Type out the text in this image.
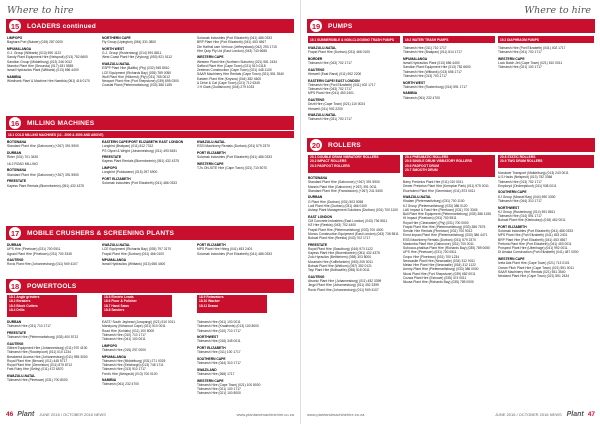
Where to hire
15	LOADERS continued
LIMPOPO
Baghara Port (Bulwer) (015) 287 0000
MPUMALANGA
G.J. Group (Witbank) (013) 690 1122
Sandy Plant Equipment Hire (Nelspruit) (013) 752 6600
Sandton Group (Middelburg) (013) 246 0012
Ntambo Plant Hire (Secunda) (017) 631 5555
Ismail Hydraulics Plant (Witbank) (013) 656 4400
NAMIBIA
Windhoek Plant & Machine Hire Namibia (061) 416 0170
NORTHERN CAPE
Fly Group (Upington) (054) 331 0800
NORTH WEST
G.J. Group (Rustenburg) (014) 591 8811
West Coast Plant Hire (Vryburg) (053) 921 0112
KWAZULU-NATAL
ESPP Plant Hire (Ballito) (Pty) (032) 945 8510
LCE Equipment (Richards Bay) (035) 789 0050
Wolf Plant Hire (Hillcrest) (Pty) (031) 765 0012
Newport Plant Hire (Port Shepstone) (039) 695 0300
Coastal Plant (Pietermaritzburg) (033) 386 1155
Solomak Industries (Port Elizabeth) (041) 486 0333
BRP Plant Hire (Port Elizabeth) (041) 453 4567
Die Halfroll cam Verhuur (Jeffreysbaai) (042) 293 1715
Hire Quip Pty Ltd (East London) (043) 743 6655
WESTERN CAPE
Western Plant Hire (Northern Suburbs) (021) 551 2434
Safford Plant Hire (Cape Town) (021) 510 0118
Zeelmax Construction (Cape Town) (021) 448 1100
SAAR Machinery Hire Rentals (Cape Town) (021) 551 3540
Eastern Plant Hire (Knysna) (044) 382 4600
& Drive & Cat (Cape Town) (021) 712 6345
J H Clark (Oudtshoorn) (044) 279 1033
16	MILLING MACHINES
16.1 COLD MILLING MACHINES (12 - 2000 & 2000 AND ABOVE)
BOTSWANA
Standard Plant Hire (Gaborone) (+267) 391 5900
DURBAN
Rider (031) 701 3430
16.2 ROAD MILLING
BOTSWANA
Standard Plant Hire (Gaborone) (+267) 391 5900
FREESTATE
Kayess Plant Rentals (Bloemfontein) (051) 432 4375
EASTERN CAPE/PORT ELIZABETH/ EAST LONDON
Longbird (Brakpan) (011) 812 7312
PS Glycel & Wright (Johannesburg) (011) 493 5451
FREESTATE
Kayess Plant Rentals (Bloemfontein) (051) 432 4375
LIMPOPO
Longbird (Polokwane) (015) 297 6900
PORT ELIZABETH
Solomak Industries (Port Elizabeth) (041) 486 0333
KWAZULU-NATAL
ESSI Machinery Rentals (Durban) (031) 579 2370
PORT ELIZABETH
Solomak Industries (Port Elizabeth) (041) 486 0333
WESTERN CAPE
TJ's ON-SITE Hire (Cape Town) (021) 710 5070
17	MOBILE CRUSHERS & SCREENING PLANTS
DURBAN
UPS Hire (Pinetown) (031) 700 0511
Agraid Plant Hire (Pinetown) (031) 700 3345
GAUTENG
Rovic Plant Hire (Johannesburg) (011) 949 4107
KWAZULU-NATAL
LCE Equipment (Richards Bay) (035) 797 3170
Frapid Plant Hire (Durban) (031) 466 0100
MPUMALANGA
Ismail Hydraulics (Witbank) (013) 656 4400
PORT ELIZABETH
MPS Plant Hire Hiring (041) 453 2401
Solomak Industries (Port Elizabeth) (041) 486 0333
18	POWERTOOLS
18.1 Angle grinders
18.2 Breakers
18.3 Block Cutters
18.4 Drills
18.5 Electric Leads
18.6 Floor & Polisher
18.7 Hand Saws
18.8 Sanders
18.9 Rotavators
18.10 Wacker
18.11 Drawn
DURBAN
Tidmarsh Hire (031) 710 1717
FREESTATE
Tidmarsh Hire (Pietermaritzburg) (033) 400 5712
GAUTENG
Gilbert Equipment Hire (Johannesburg) (011) 970 4100
Tidmarsh Hire (Roodepoort) (011) 010 1234
Breakered Access Hire (Johannesburg) (011) 955 3000
Royal Plant Hire (Benoni) (011) 445 5717
Royal Plant Hire (Germiston) (011) 875 8712
Fast Ruby Hire (Selby) (011) 472 6570
KWAZULU-NATAL
Tidmarsh Hire (Pinetown) (031) 700 8000
EAST/ South Jayhead (Jorapangi) (021) 510 0011
Mandyuny (Kirkwood Cape) (021) 510 0011
Road Hire (Kohlatu) (011) 100 8000
Tidmarsh Hire (010) 710 1717
Tidmarsh Hire (041) 100 0011
LIMPOPO
Tidmarsh Hire (015) 297 0000
MPUMALANGA
Tidmarsh Hire (Middelburg) (031) 271 0025
Tidmarsh Hire (Eelsburgh) (013) 748 1711
Tidmarsh Hire (013) 910 1717
Fred's Hire (Nelspruit) (013) 700 0100
NAMIBIA
Tidmarsh (061) 232 4700
Tidmarsh Hire (041) 100 0011
Tidmarsh Hire (Kraaifonts) (013) 100 8000
Tidmarsh Hire (010) 710 1717
NORTHWEST
Tidmarsh Hire (016) 345 0011
PORT ELIZABETH
Tidmarsh Hire (011) 100 1717
SOUTHERN CAPE
Tidmarsh Hire (044) 310 1717
SWAZILAND
Tidmarsh Hire (268) 1717
WESTERN CAPE
Tidmarsh Hire (Cape Town) (021) 100 8000
Tidmarsh Hire (021) 100 1717
Tidmarsh Hire (021) 100 8000
46 Plant JUNE 2016 / OCTOBER 2016 NEWS	www.plantandmachinehire.co.za
Where to hire
19	PUMPS
19.1 SUBMERSIBLE & NON-CLOGGING TRASH PUMPS	19.2 WATER/ TRASH PUMPS	19.3 DIAPHRAGM PUMPS
KWAZULU-NATAL
Frapid Plant Hire (Durban) (031) 466 0100
BORDER
Tidmarsh Hire (043) 702 1717
GAUTENG
Hirewell (East Rand) (011) 902 2200
EASTERN CAPE/ EAST LONDON
Tidmarsh Hire (Port Elizabeth) (041) 402 1717
Tidmarsh Hire (043) 702 1717
MPS Plant Hire (041) 453 2401
GAUTENG
Drizit Hire (Cape Town) (021) 110 0024
Hirewell (011) 902 2200
KWAZULU-NATAL
Tidmarsh Hire (031) 700 1717
Tidmarsh Hire (011) 710 1717
Tidmarsh Hire (Brakpan) (011) 814 1717
MPUMALANGA
Ismail Hydraulics Plant (013) 656 4400
Sandton Plant Equipment Hire (013) 752 6600
Tidmarsh Hire (Witbank) (013) 656 1717
Tidmarsh Hire (013) 700 1717
NORTH WEST
Tidmarsh Hire (Rustenburg) (014) 591 1717
NAMIBIA
Tidmarsh (061) 232 4700
Tidmarsh Hire (Port Elizabeth) (041) 402 1717
Tidmarsh Hire (041) 700 1717
WESTERN CAPE
Lock Batch Jet (Cape Town) (021) 510 0011
Tidmarsh Hire (021) 100 1717
20	ROLLERS
20.1 DOUBLE DRUM VIBRATORY ROLLERS
20.2 IMPACT ROLLERS
20.3 PADFOOT ROLLERS
20.4 PNEUMATIC ROLLERS
20.5 SINGLE DRUM VIBRATORY ROLLERS
20.6 PADFOOT DRUM
20.7 SMOOTH DRUM
20.8 STATIC ROLLERS
20.9 TWO DRUM ROLLERS
BOTSWANA
Standard Plant Hire (Gaborone) (+267) 391 5900
Mannis Plant Hire (Gaborone) (+267) 391 0011
Standard Plant Hire (Francistown) (+267) 241 5400
DURBAN
G Plant Hire (Durban) (031) 503 0058
Lodi Plant Hire (Durban) (031) 466 0100
Ashayi Plant Management Solutions (Durban) (031) 700 1100
EAST LONDON
CM Concrete Industries (East London) (043) 736 5511
HZ Hire (Reekia) (043) 702 4400
Frapid Plant Hire (Pietermaritzburg) (033) 700 4000
Monos Construction Equipment (East London) (043) 736 5511
Bobcat Plant Hire (Reekia) (043) 702 1717
FREESTATE
Royal Plant Hire (Sasolburg) (016) 973 1122
Kayess Plant Hire (Bloemfontein) (051) 432 4375
Zolo Hyraulics (Bethlehem) (058) 303 8000
Mountain Hire (Koffiefontein) (053) 205 0011
Bobcat Plant Hire (Welkom) (057) 352 0121
Tayi Plant Hire (Bothaville) (056) 515 0011
GAUTENG
Atsonic Plant Hire (Johannesburg) (011) 452 3399
Jingzi Plant Hire (Johannesburg) (011) 452 3399
Rovic Plant Hire (Johannesburg) (011) 949 4107
Barry Pretorius Plant Hire (011) 010 0011
Dewer Pretorius Plant Hire (Kempton Park) (011) 975 0011
Ekurhuleni Plant Hire (Germiston) (011) 873 0011
KWAZULU-NATAL
Khalam (Pietermaritzburg) (031) 700 1100
KJ Group (Pietermaritzburg) (033) 386 0120
LAK Impact & Fast Hire (Pinetown) (031) 700 3345
Bull Plant Hire Equipment (Pietermaritzburg) (033) 386 1155
Hi Impact (Pinetown) (031) 700 5511
Royal Hire (Clearwater) (Pty) (031) 700 0000
Frapid Plant Hire Hire (Pietermaritzburg) (033) 386 7575
Sendin Hire Rentals (Pinetown) (031) 700 9012
Ernst Impact Plant Hire (Pietermaritzburg) (033) 386 4471
ESSI Machinery Rentals (Durban) (031) 579 2370
Madumba Plant Hire (Gaborone) (031) 700 0011
Subocca-phalitua Plant Hire (Richards Bay) (035) 789 0050
UPS Hire (Pinetown) (031) 700 0511
Grupo Hire (Pinetown) (031) 700 1234
Newcastle Plant Hire (Newcastle) (034) 312 0011
Metan Hire Plant Hire (Newcastle) (034) 312 1122
Ammy-Plant Hire (Pietermaritzburg) (033) 386 0000
Nkosi Plant Hire (Port Shepstone) (039) 682 0011
Cozwa Plant Hire (Eshowe) (035) 474 0011
Nkosa Plant Hire (Richards Bay) (035) 789 0000
Morokwe Transport (Middelburg) (013) 243 0011
U.S Hauls (Nelspruit) (013) 752 3366
Tidmarsh Hire (013) 752 1717
Emploryd (Ondeepkloof) (011) 938 0011
SOUTHERN CAPE
KJ Group (Mossel Bay) (044) 690 3300
Tidmarsh Hire (044) 310 1717
NORTHWEST
KJ Group (Rustenburg) (014) 591 8811
Tidmarsh Hire (014) 591 1717
Bobcat Plant Hire (Klerksdorp) (018) 462 0011
PORT ELIZABETH
Solomak Industries (Port Elizabeth) (041) 486 0333
MPS Plant Hire (Port Elizabeth) (041) 453 2401
BRP Plant Hire (Port Elizabeth) (041) 453 4567
Pretoria Plant Hire (Port Elizabeth) (041) 453 0011
Prospect Plant Hire (Uitenhage) (041) 992 0011
Di Amaka Construction (Port Elizabeth) (041) 487 0000
WESTERN CAPE
Ivela Ads Plant Hire (Cape Town) (021) 713 0101
Ocean Pitch Plant Hire (Cape Town) (021) 551 0011
SAAR Machinery Hire Rentals (021) 551 3540
Newland Plant Hire (Cape Town) (021) 551 2434
www.plantandmachinehire.co.za	JUNE 2016 / OCTOBER 2016 NEWS Plant 47
